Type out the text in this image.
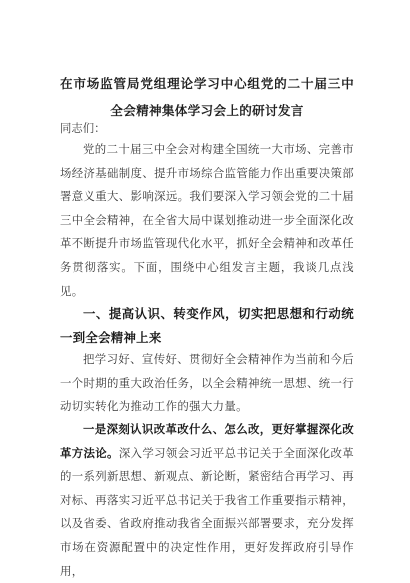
在市场监管局党组理论学习中心组党的二十届三中全会精神集体学习会上的研讨发言
同志们：

党的二十届三中全会对构建全国统一大市场、完善市场经济基础制度、提升市场综合监管能力作出重要决策部署意义重大、影响深远。我们要深入学习领会党的二十届三中全会精神，在全省大局中谋划推动进一步全面深化改革不断提升市场监管现代化水平，抓好全会精神和改革任务贯彻落实。下面，围绕中心组发言主题，我谈几点浅见。

一、提高认识、转变作风，切实把思想和行动统一到全会精神上来

把学习好、宣传好、贯彻好全会精神作为当前和今后一个时期的重大政治任务，以全会精神统一思想、统一行动切实转化为推动工作的强大力量。

一是深刻认识改革改什么、怎么改，更好掌握深化改革方法论。深入学习领会习近平总书记关于全面深化改革的一系列新思想、新观点、新论断，紧密结合再学习、再对标、再落实习近平总书记关于我省工作重要指示精神，以及省委、省政府推动我省全面振兴部署要求，充分发挥市场在资源配置中的决定性作用，更好发挥政府引导作用，
